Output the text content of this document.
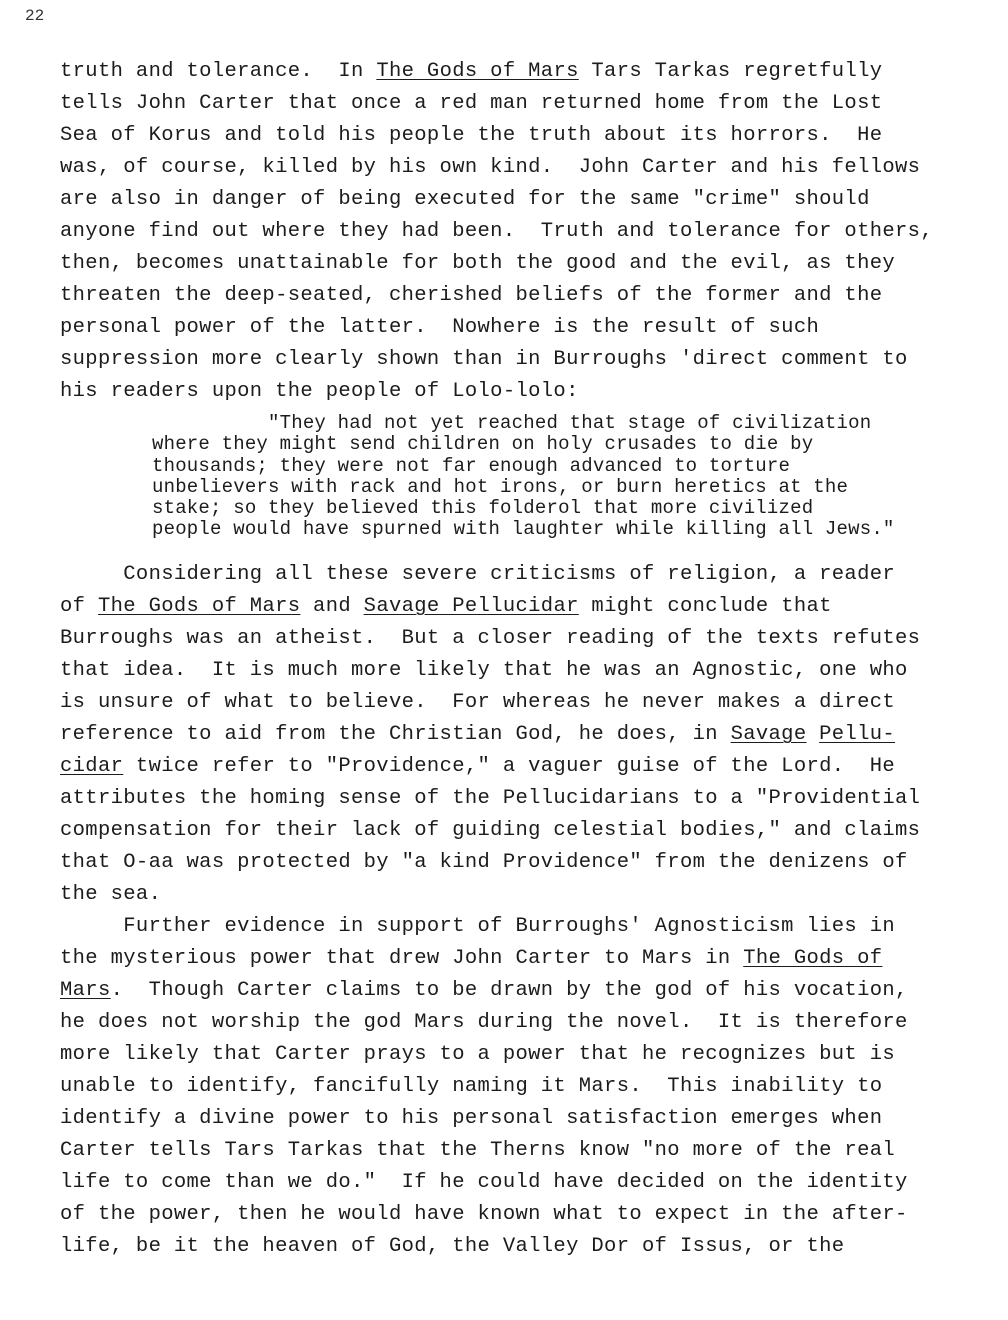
22
truth and tolerance.  In The Gods of Mars Tars Tarkas regretfully
tells John Carter that once a red man returned home from the Lost
Sea of Korus and told his people the truth about its horrors.  He
was, of course, killed by his own kind.  John Carter and his fellows
are also in danger of being executed for the same "crime" should
anyone find out where they had been.  Truth and tolerance for others,
then, becomes unattainable for both the good and the evil, as they
threaten the deep-seated, cherished beliefs of the former and the
personal power of the latter.  Nowhere is the result of such
suppression more clearly shown than in Burroughs 'direct comment to
his readers upon the people of Lolo-lolo:
"They had not yet reached that stage of civilization
where they might send children on holy crusades to die by
thousands; they were not far enough advanced to torture
unbelievers with rack and hot irons, or burn heretics at the
stake; so they believed this folderol that more civilized
people would have spurned with laughter while killing all Jews."
Considering all these severe criticisms of religion, a reader
of The Gods of Mars and Savage Pellucidar might conclude that
Burroughs was an atheist.  But a closer reading of the texts refutes
that idea.  It is much more likely that he was an Agnostic, one who
is unsure of what to believe.  For whereas he never makes a direct
reference to aid from the Christian God, he does, in Savage Pellu-
cidar twice refer to "Providence," a vaguer guise of the Lord.  He
attributes the homing sense of the Pellucidarians to a "Providential
compensation for their lack of guiding celestial bodies," and claims
that O-aa was protected by "a kind Providence" from the denizens of
the sea.
Further evidence in support of Burroughs' Agnosticism lies in
the mysterious power that drew John Carter to Mars in The Gods of
Mars.  Though Carter claims to be drawn by the god of his vocation,
he does not worship the god Mars during the novel.  It is therefore
more likely that Carter prays to a power that he recognizes but is
unable to identify, fancifully naming it Mars.  This inability to
identify a divine power to his personal satisfaction emerges when
Carter tells Tars Tarkas that the Therns know "no more of the real
life to come than we do."  If he could have decided on the identity
of the power, then he would have known what to expect in the after-
life, be it the heaven of God, the Valley Dor of Issus, or the
